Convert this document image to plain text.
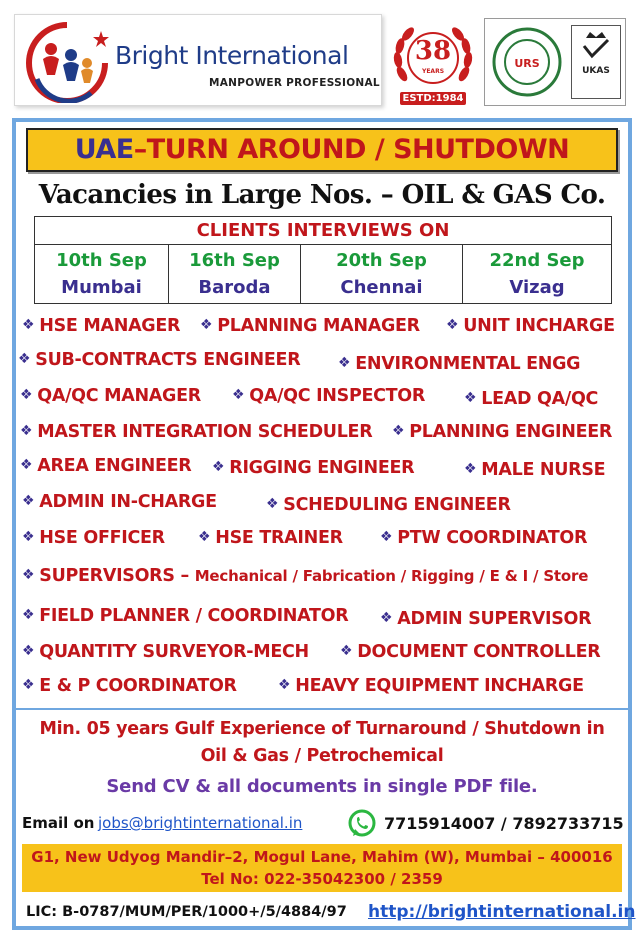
Bright International
MANPOWER PROFESSIONAL
38
YEARS
ESTD:1984
URS
UKAS
UAE–TURN AROUND / SHUTDOWN
Vacancies in Large Nos. – OIL & GAS Co.
CLIENTS INTERVIEWS ON
10th Sep
Mumbai
16th Sep
Baroda
20th Sep
Chennai
22nd Sep
Vizag
❖ HSE MANAGER ❖ PLANNING MANAGER ❖ UNIT INCHARGE
❖ SUB-CONTRACTS ENGINEER	❖ ENVIRONMENTAL ENGG
❖ QA/QC MANAGER ❖ QA/QC INSPECTOR	❖ LEAD QA/QC
❖ MASTER INTEGRATION SCHEDULER ❖ PLANNING ENGINEER
❖ AREA ENGINEER ❖ RIGGING ENGINEER	❖ MALE NURSE
❖ ADMIN IN-CHARGE	❖ SCHEDULING ENGINEER
❖ HSE OFFICER ❖ HSE TRAINER	❖ PTW COORDINATOR
❖ SUPERVISORS – Mechanical / Fabrication / Rigging / E & I / Store
❖ FIELD PLANNER / COORDINATOR ❖ ADMIN SUPERVISOR
❖ QUANTITY SURVEYOR-MECH ❖ DOCUMENT CONTROLLER
❖ E & P COORDINATOR	❖ HEAVY EQUIPMENT INCHARGE
Min. 05 years Gulf Experience of Turnaround / Shutdown in
Oil & Gas / Petrochemical
Send CV & all documents in single PDF file.
Email on jobs@brightinternational.in	7715914007 / 7892733715
G1, New Udyog Mandir–2, Mogul Lane, Mahim (W), Mumbai – 400016
Tel No: 022-35042300 / 2359
LIC: B-0787/MUM/PER/1000+/5/4884/97 http://brightinternational.in
